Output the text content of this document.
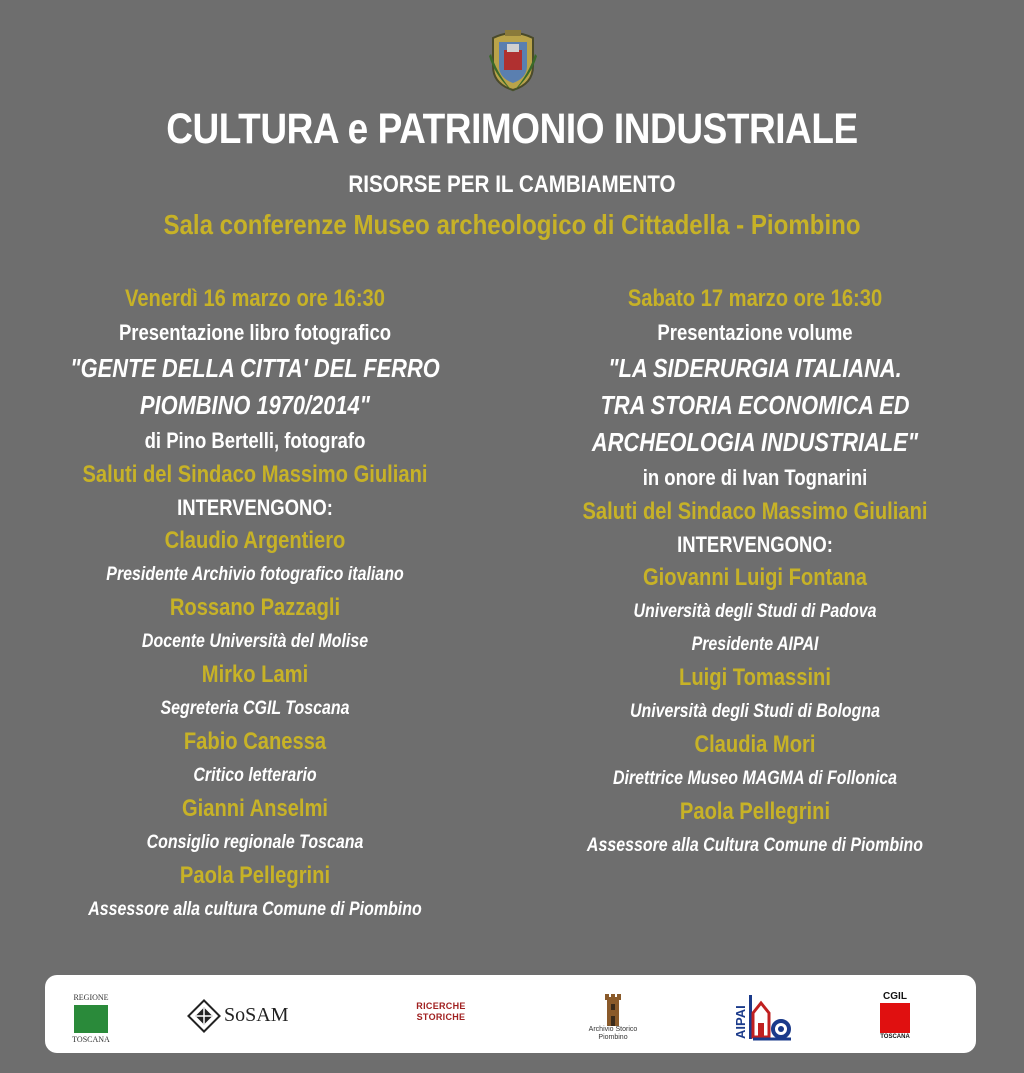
CULTURA e PATRIMONIO INDUSTRIALE
RISORSE PER IL CAMBIAMENTO
Sala conferenze Museo archeologico di Cittadella - Piombino
Venerdì 16 marzo ore 16:30
Presentazione libro fotografico
"GENTE DELLA CITTA' DEL FERRO
PIOMBINO 1970/2014"
di Pino Bertelli, fotografo
Saluti del Sindaco Massimo Giuliani
INTERVENGONO:
Claudio Argentiero
Presidente Archivio fotografico italiano
Rossano Pazzagli
Docente Università del Molise
Mirko Lami
Segreteria CGIL Toscana
Fabio Canessa
Critico letterario
Gianni Anselmi
Consiglio regionale Toscana
Paola Pellegrini
Assessore alla cultura Comune di Piombino
Sabato 17 marzo ore 16:30
Presentazione volume
"LA SIDERURGIA ITALIANA.
TRA STORIA ECONOMICA ED
ARCHEOLOGIA INDUSTRIALE"
in onore di Ivan Tognarini
Saluti del Sindaco Massimo Giuliani
INTERVENGONO:
Giovanni Luigi Fontana
Università degli Studi di Padova
Presidente AIPAI
Luigi Tomassini
Università degli Studi di Bologna
Claudia Mori
Direttrice Museo MAGMA di Follonica
Paola Pellegrini
Assessore alla Cultura Comune di Piombino
REGIONE
TOSCANA
SoSAM	RICERCHE
STORICHE
Archivio Storico
Piombino	AIPAI
CGIL
TOSCANA
